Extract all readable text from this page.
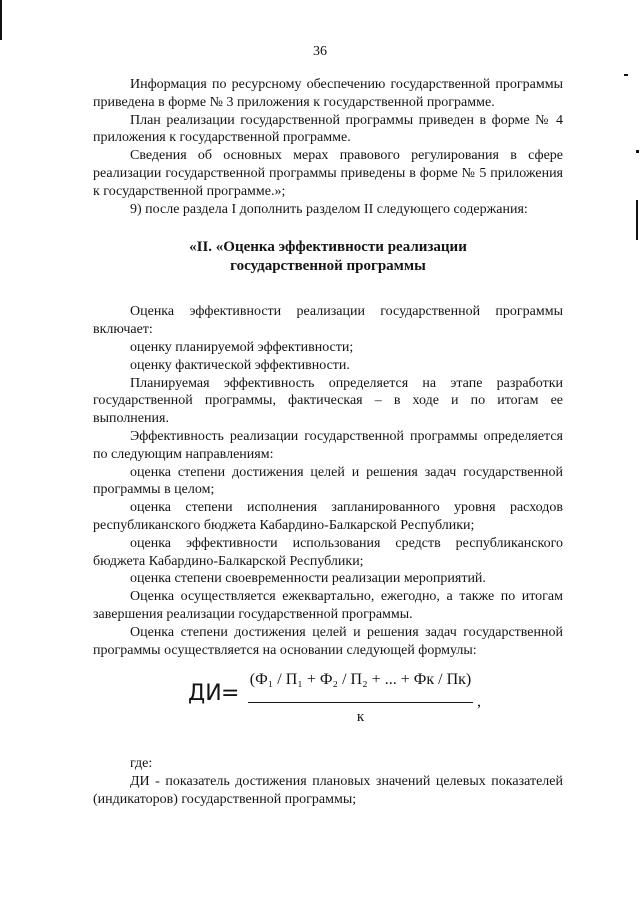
36

Информация по ресурсному обеспечению государственной программы приведена в форме № 3 приложения к государственной программе.

План реализации государственной программы приведен в форме № 4 приложения к государственной программе.

Сведения об основных мерах правового регулирования в сфере реализации государственной программы приведены в форме № 5 приложения к государственной программе.»;

9) после раздела I дополнить разделом II следующего содержания:

«II. «Оценка эффективности реализации
государственной программы

Оценка эффективности реализации государственной программы включает:

оценку планируемой эффективности;

оценку фактической эффективности.

Планируемая эффективность определяется на этапе разработки государственной программы, фактическая – в ходе и по итогам ее выполнения.

Эффективность реализации государственной программы определяется по следующим направлениям:

оценка степени достижения целей и решения задач государственной программы в целом;

оценка степени исполнения запланированного уровня расходов республиканского бюджета Кабардино-Балкарской Республики;

оценка эффективности использования средств республиканского бюджета Кабардино-Балкарской Республики;

оценка степени своевременности реализации мероприятий.

Оценка осуществляется ежеквартально, ежегодно, а также по итогам завершения реализации государственной программы.

Оценка степени достижения целей и решения задач государственной программы осуществляется на основании следующей формулы:

ДИ =
(Ф₁ / П₁ + Ф₂ / П₂ + ... + Фк / Пк)
к
,

где:

ДИ - показатель достижения плановых значений целевых показателей (индикаторов) государственной программы;
